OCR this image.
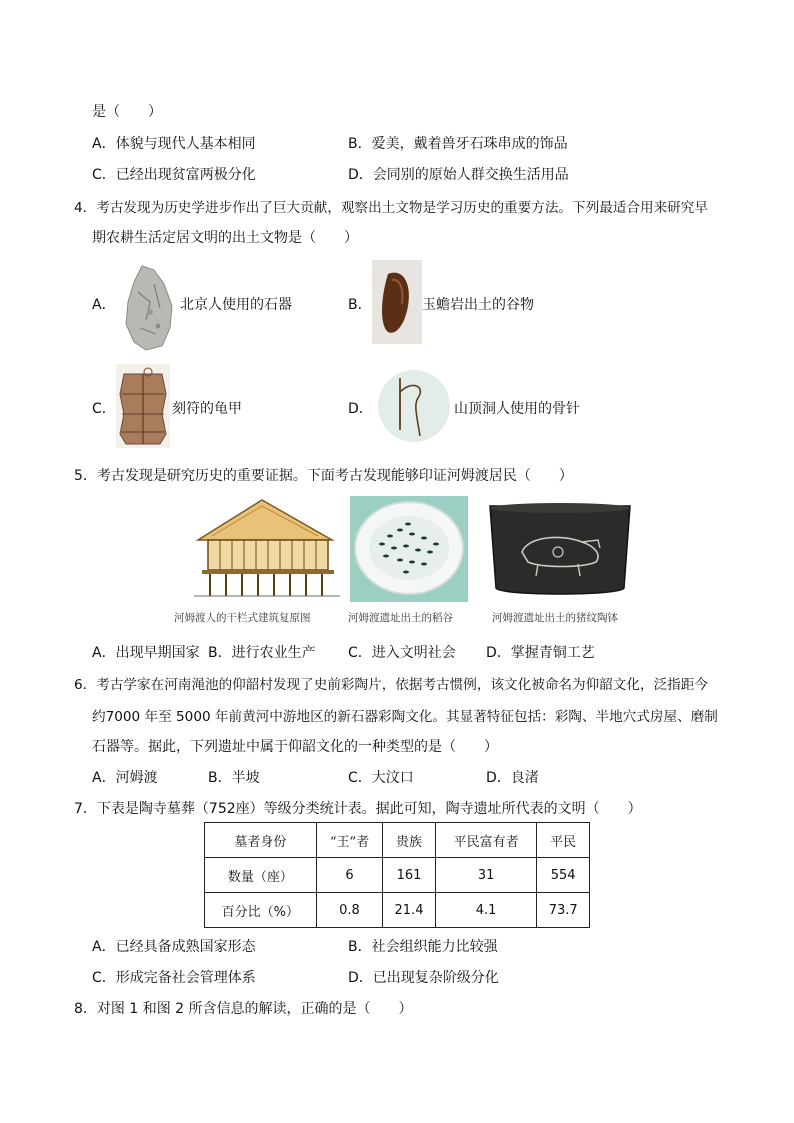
是（　　）
A．体貌与现代人基本相同	B．爱美，戴着兽牙石珠串成的饰品
C．已经出现贫富两极分化	D．会同别的原始人群交换生活用品
4．考古发现为历史学进步作出了巨大贡献，观察出土文物是学习历史的重要方法。下列最适合用来研究早
期农耕生活定居文明的出土文物是（　　）
A．	北京人使用的石器	B．	玉蟾岩出土的谷物
C．	刻符的龟甲	D．	山顶洞人使用的骨针
5．考古发现是研究历史的重要证据。下面考古发现能够印证河姆渡居民（　　）
河姆渡人的干栏式建筑复原图	河姆渡遗址出土的稻谷	河姆渡遗址出土的猪纹陶钵
A．出现早期国家 B．进行农业生产 C．进入文明社会 D．掌握青铜工艺
6．考古学家在河南渑池的仰韶村发现了史前彩陶片，依据考古惯例，该文化被命名为仰韶文化，泛指距今
约7000 年至 5000 年前黄河中游地区的新石器彩陶文化。其显著特征包括：彩陶、半地穴式房屋、磨制
石器等。据此，下列遗址中属于仰韶文化的一种类型的是（　　）
A．河姆渡	B．半坡	C．大汶口	D．良渚
7．下表是陶寺墓葬（752座）等级分类统计表。据此可知，陶寺遗址所代表的文明（　　）
墓者身份	“王”者	贵族	平民富有者	平民
数量（座）	6	161	31	554
百分比（%）	0.8	21.4	4.1	73.7
A．已经具备成熟国家形态	B．社会组织能力比较强
C．形成完备社会管理体系	D．已出现复杂阶级分化
8．对图 1 和图 2 所含信息的解读，正确的是（　　）
